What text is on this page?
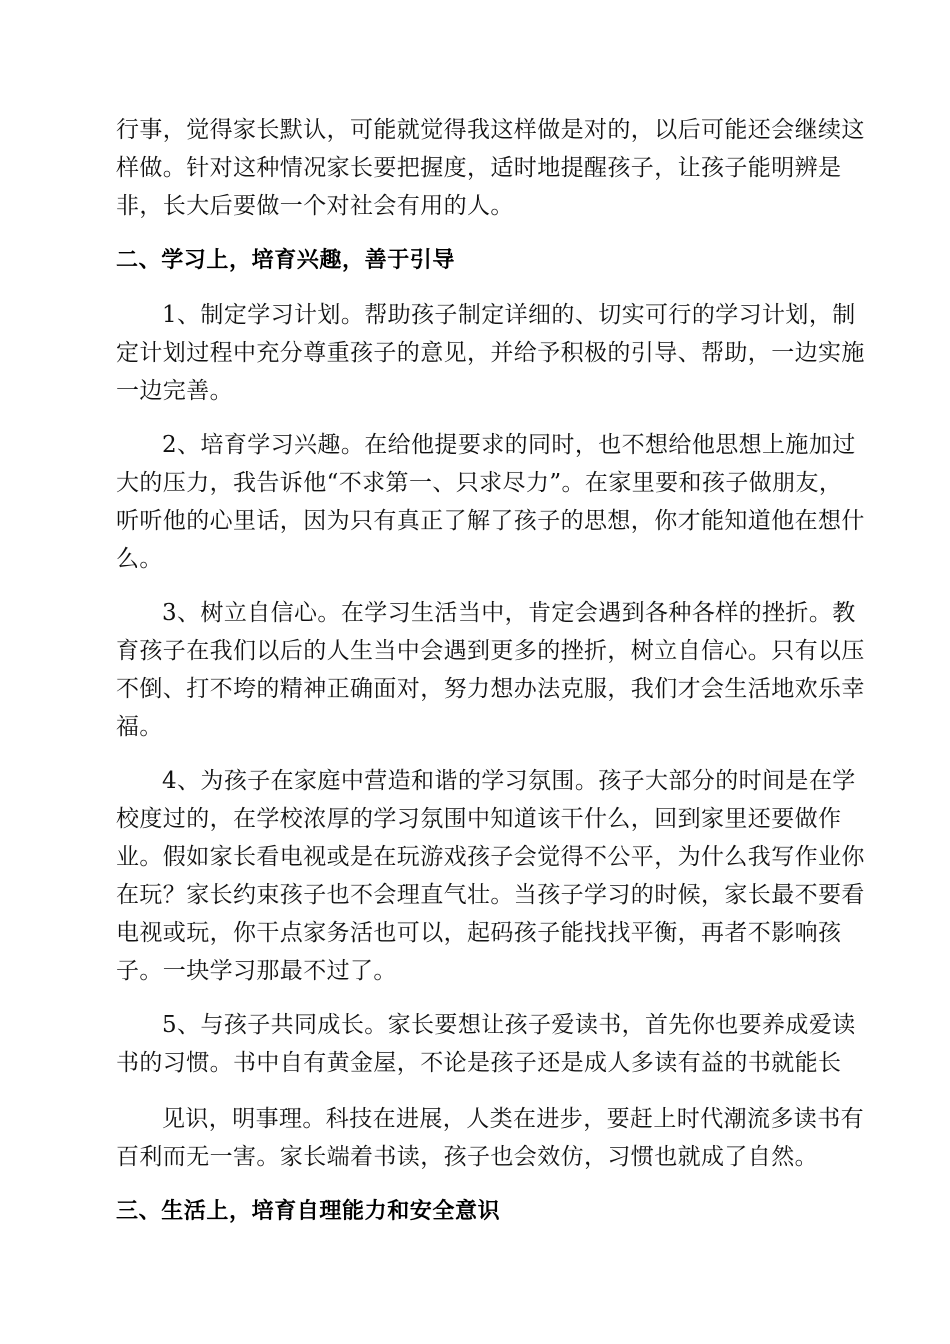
行事，觉得家长默认，可能就觉得我这样做是对的，以后可能还会继续这
样做。针对这种情况家长要把握度，适时地提醒孩子，让孩子能明辨是
非，长大后要做一个对社会有用的人。
二、学习上，培育兴趣，善于引导
1、制定学习计划。帮助孩子制定详细的、切实可行的学习计划，制
定计划过程中充分尊重孩子的意见，并给予积极的引导、帮助，一边实施
一边完善。
2、培育学习兴趣。在给他提要求的同时，也不想给他思想上施加过
大的压力，我告诉他“不求第一、只求尽力”。在家里要和孩子做朋友，
听听他的心里话，因为只有真正了解了孩子的思想，你才能知道他在想什
么。
3、树立自信心。在学习生活当中，肯定会遇到各种各样的挫折。教
育孩子在我们以后的人生当中会遇到更多的挫折，树立自信心。只有以压
不倒、打不垮的精神正确面对，努力想办法克服，我们才会生活地欢乐幸
福。
4、为孩子在家庭中营造和谐的学习氛围。孩子大部分的时间是在学
校度过的，在学校浓厚的学习氛围中知道该干什么，回到家里还要做作
业。假如家长看电视或是在玩游戏孩子会觉得不公平，为什么我写作业你
在玩？家长约束孩子也不会理直气壮。当孩子学习的时候，家长最不要看
电视或玩，你干点家务活也可以，起码孩子能找找平衡，再者不影响孩
子。一块学习那最不过了。
5、与孩子共同成长。家长要想让孩子爱读书，首先你也要养成爱读
书的习惯。书中自有黄金屋，不论是孩子还是成人多读有益的书就能长
见识，明事理。科技在进展，人类在进步，要赶上时代潮流多读书有
百利而无一害。家长端着书读，孩子也会效仿，习惯也就成了自然。
三、生活上，培育自理能力和安全意识
